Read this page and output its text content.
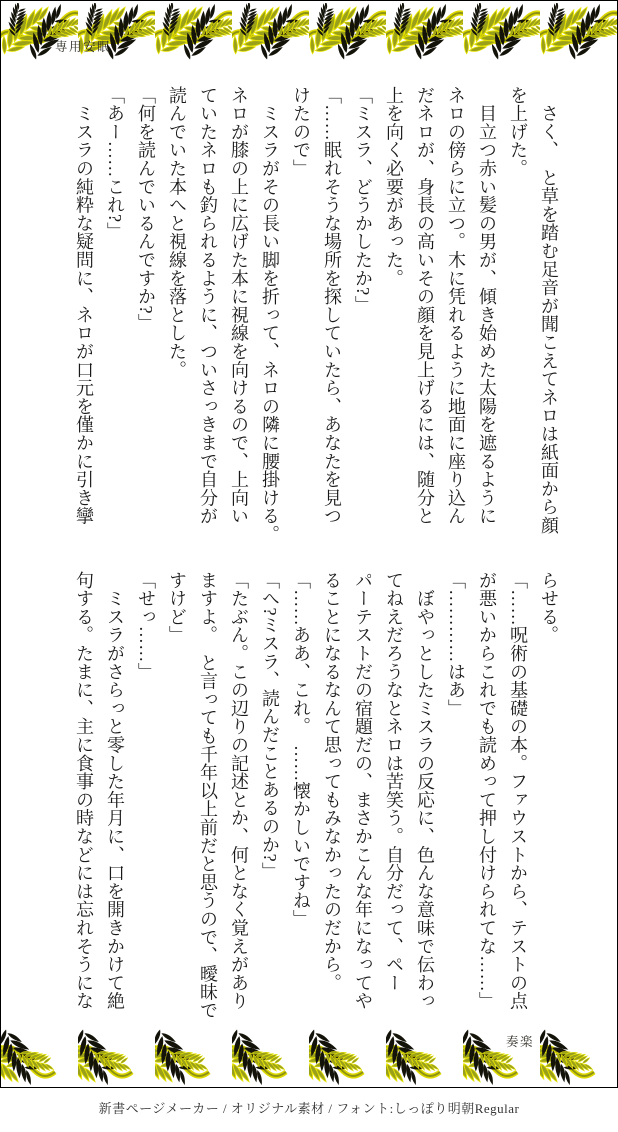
専用安眠
奏楽
　さく、　と草を踏む足音が聞こえてネロは紙面から顔
を上げた。
　目立つ赤い髪の男が、傾き始めた太陽を遮るように
ネロの傍らに立つ。木に凭れるように地面に座り込ん
だネロが、身長の高いその顔を見上げるには、随分と
上を向く必要があった。
「ミスラ、どうかしたか?」
「……眠れそうな場所を探していたら、あなたを見つ
けたので」
　ミスラがその長い脚を折って、ネロの隣に腰掛ける。
ネロが膝の上に広げた本に視線を向けるので、上向い
ていたネロも釣られるように、ついさっきまで自分が
読んでいた本へと視線を落とした。
「何を読んでいるんですか?」
「あー……これ?」
　ミスラの純粋な疑問に、ネロが口元を僅かに引き攣
らせる。
「……呪術の基礎の本。ファウストから、テストの点
が悪いからこれでも読めって押し付けられてな……」
「…………はあ」
　ぼやっとしたミスラの反応に、色んな意味で伝わっ
てねえだろうなとネロは苦笑う。自分だって、ペー
パーテストだの宿題だの、まさかこんな年になってや
ることになるなんて思ってもみなかったのだから。
「……ああ、これ。　……懐かしいですね」
「へ?ミスラ、読んだことあるのか?」
「たぶん。この辺りの記述とか、何となく覚えがあり
ますよ。　と言っても千年以上前だと思うので、曖昧で
すけど」
「せっ……」
　ミスラがさらっと零した年月に、口を開きかけて絶
句する。たまに、主に食事の時などには忘れそうにな
新書ページメーカー / オリジナル素材 / フォント:しっぽり明朝Regular
